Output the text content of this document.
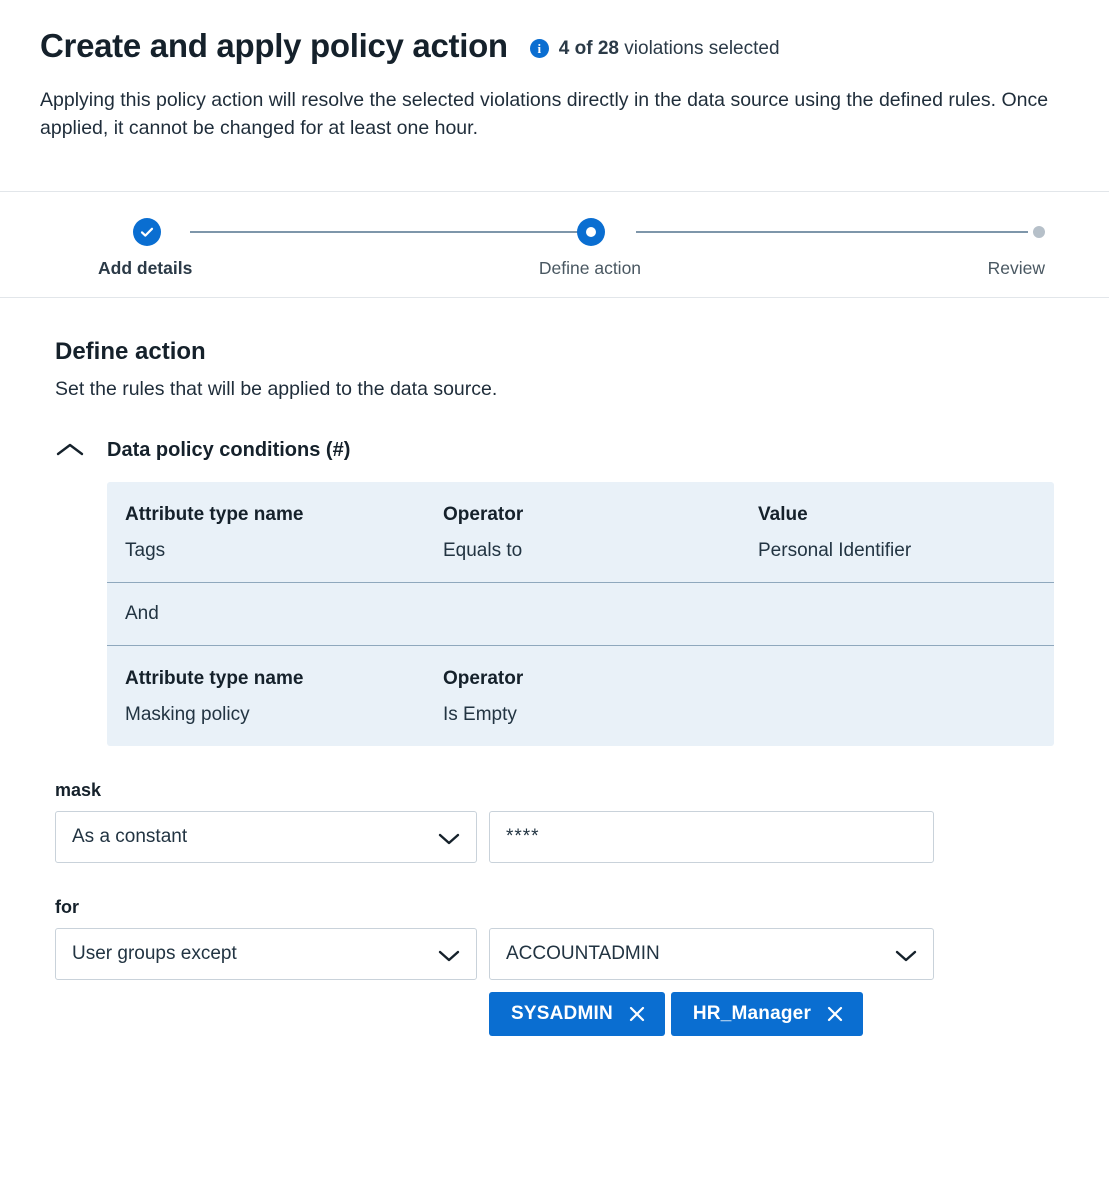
Create and apply policy action	i 4 of 28 violations selected

Applying this policy action will resolve the selected violations directly in the data source using the defined rules. Once applied, it cannot be changed for at least one hour.

Add details	Define action	Review
Define action

Set the rules that will be applied to the data source.

Data policy conditions (#)
Attribute type name	Operator	Value
Tags	Equals to	Personal Identifier
And
Attribute type name	Operator
Masking policy	Is Empty
mask
As a constant	****
for
User groups except	ACCOUNTADMIN
SYSADMIN	HR_Manager
